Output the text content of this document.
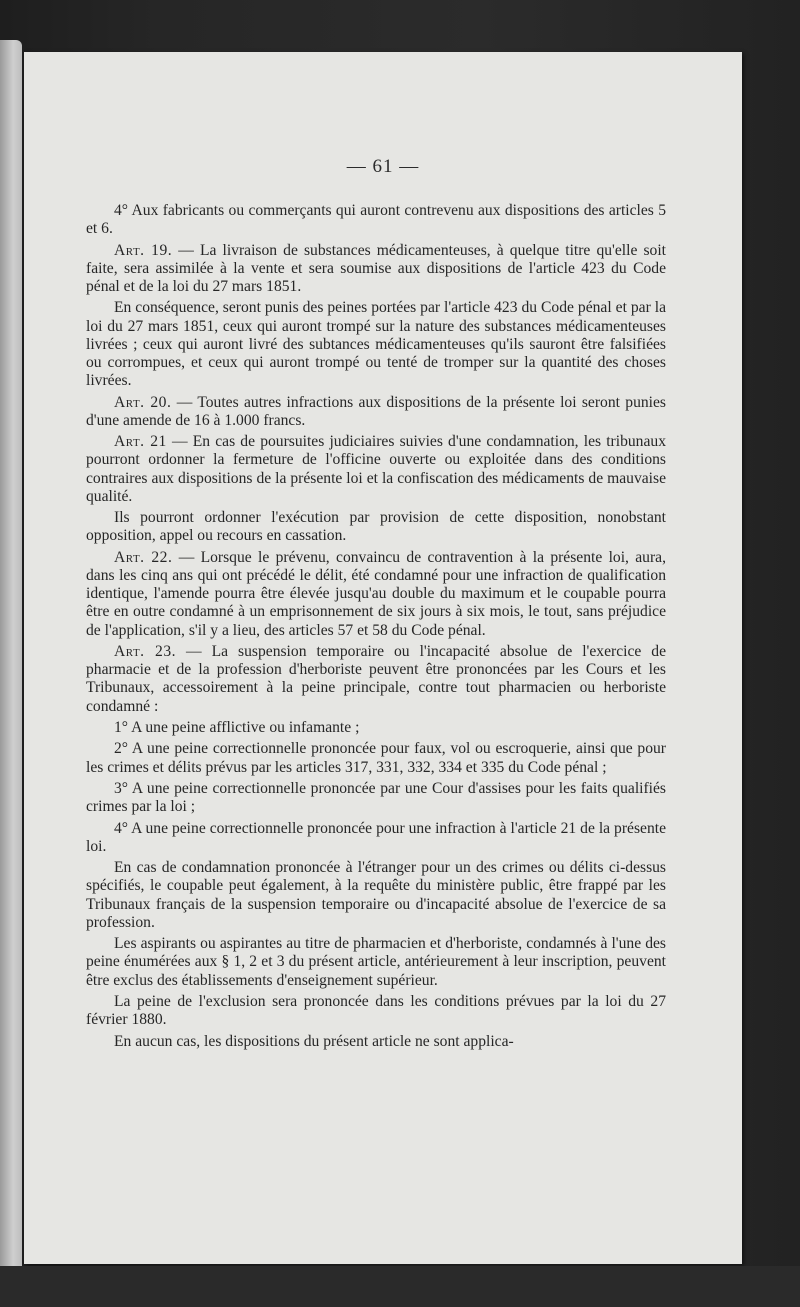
— 61 —

4° Aux fabricants ou commerçants qui auront contrevenu aux dispositions des articles 5 et 6.

Art. 19. — La livraison de substances médicamenteuses, à quelque titre qu'elle soit faite, sera assimilée à la vente et sera soumise aux dispositions de l'article 423 du Code pénal et de la loi du 27 mars 1851.

En conséquence, seront punis des peines portées par l'article 423 du Code pénal et par la loi du 27 mars 1851, ceux qui auront trompé sur la nature des substances médicamenteuses livrées ; ceux qui auront livré des subtances médicamenteuses qu'ils sauront être falsifiées ou corrompues, et ceux qui auront trompé ou tenté de tromper sur la quantité des choses livrées.

Art. 20. — Toutes autres infractions aux dispositions de la présente loi seront punies d'une amende de 16 à 1.000 francs.

Art. 21 — En cas de poursuites judiciaires suivies d'une condamnation, les tribunaux pourront ordonner la fermeture de l'officine ouverte ou exploitée dans des conditions contraires aux dispositions de la présente loi et la confiscation des médicaments de mauvaise qualité.

Ils pourront ordonner l'exécution par provision de cette disposition, nonobstant opposition, appel ou recours en cassation.

Art. 22. — Lorsque le prévenu, convaincu de contravention à la présente loi, aura, dans les cinq ans qui ont précédé le délit, été condamné pour une infraction de qualification identique, l'amende pourra être élevée jusqu'au double du maximum et le coupable pourra être en outre condamné à un emprisonnement de six jours à six mois, le tout, sans préjudice de l'application, s'il y a lieu, des articles 57 et 58 du Code pénal.

Art. 23. — La suspension temporaire ou l'incapacité absolue de l'exercice de pharmacie et de la profession d'herboriste peuvent être prononcées par les Cours et les Tribunaux, accessoirement à la peine principale, contre tout pharmacien ou herboriste condamné :

1° A une peine afflictive ou infamante ;

2° A une peine correctionnelle prononcée pour faux, vol ou escroquerie, ainsi que pour les crimes et délits prévus par les articles 317, 331, 332, 334 et 335 du Code pénal ;

3° A une peine correctionnelle prononcée par une Cour d'assises pour les faits qualifiés crimes par la loi ;

4° A une peine correctionnelle prononcée pour une infraction à l'article 21 de la présente loi.

En cas de condamnation prononcée à l'étranger pour un des crimes ou délits ci-dessus spécifiés, le coupable peut également, à la requête du ministère public, être frappé par les Tribunaux français de la suspension temporaire ou d'incapacité absolue de l'exercice de sa profession.

Les aspirants ou aspirantes au titre de pharmacien et d'herboriste, condamnés à l'une des peine énumérées aux § 1, 2 et 3 du présent article, antérieurement à leur inscription, peuvent être exclus des établissements d'enseignement supérieur.

La peine de l'exclusion sera prononcée dans les conditions prévues par la loi du 27 février 1880.

En aucun cas, les dispositions du présent article ne sont applica-
